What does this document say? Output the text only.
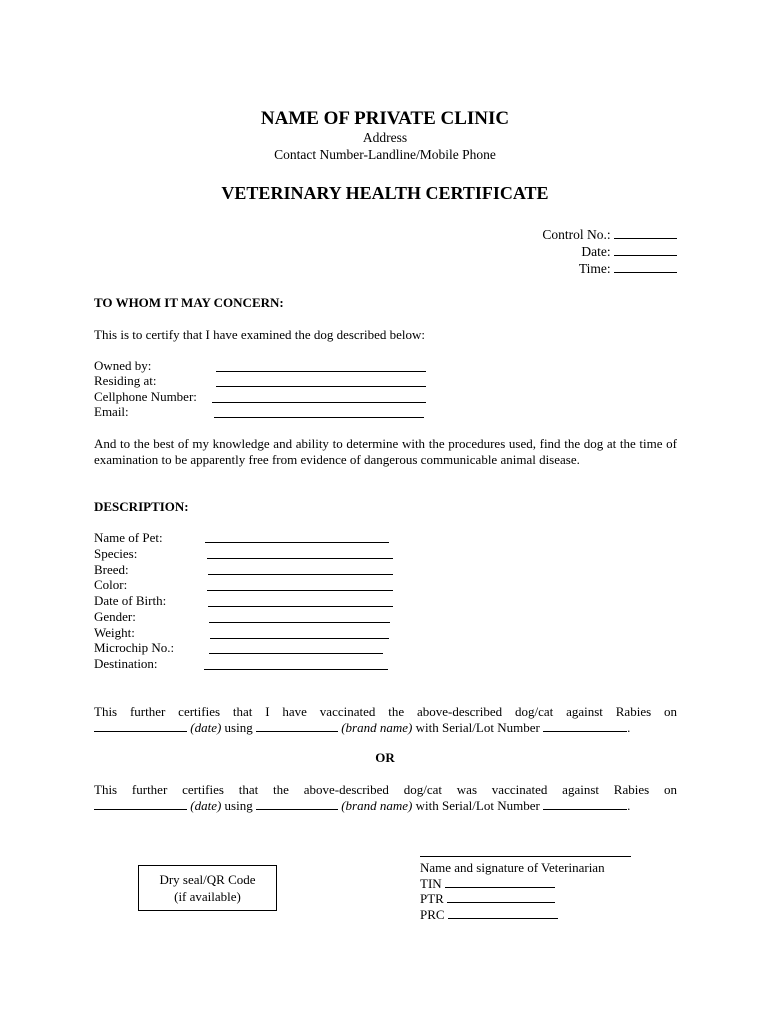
NAME OF PRIVATE CLINIC
Address
Contact Number-Landline/Mobile Phone
VETERINARY HEALTH CERTIFICATE
Control No.:
Date:
Time:
TO WHOM IT MAY CONCERN:
This is to certify that I have examined the dog described below:
Owned by:
Residing at:
Cellphone Number:
Email:
And to the best of my knowledge and ability to determine with the procedures used, find the dog at the time of examination to be apparently free from evidence of dangerous communicable animal disease.
DESCRIPTION:
Name of Pet:
Species:
Breed:
Color:
Date of Birth:
Gender:
Weight:
Microchip No.:
Destination:
This further certifies that I have vaccinated the above-described dog/cat against Rabies on
(date) using	(brand name) with Serial/Lot Number	.
OR
This further certifies that the above-described dog/cat was vaccinated against Rabies on
(date) using	(brand name) with Serial/Lot Number	.
Dry seal/QR Code
(if available)
Name and signature of Veterinarian
TIN
PTR
PRC
